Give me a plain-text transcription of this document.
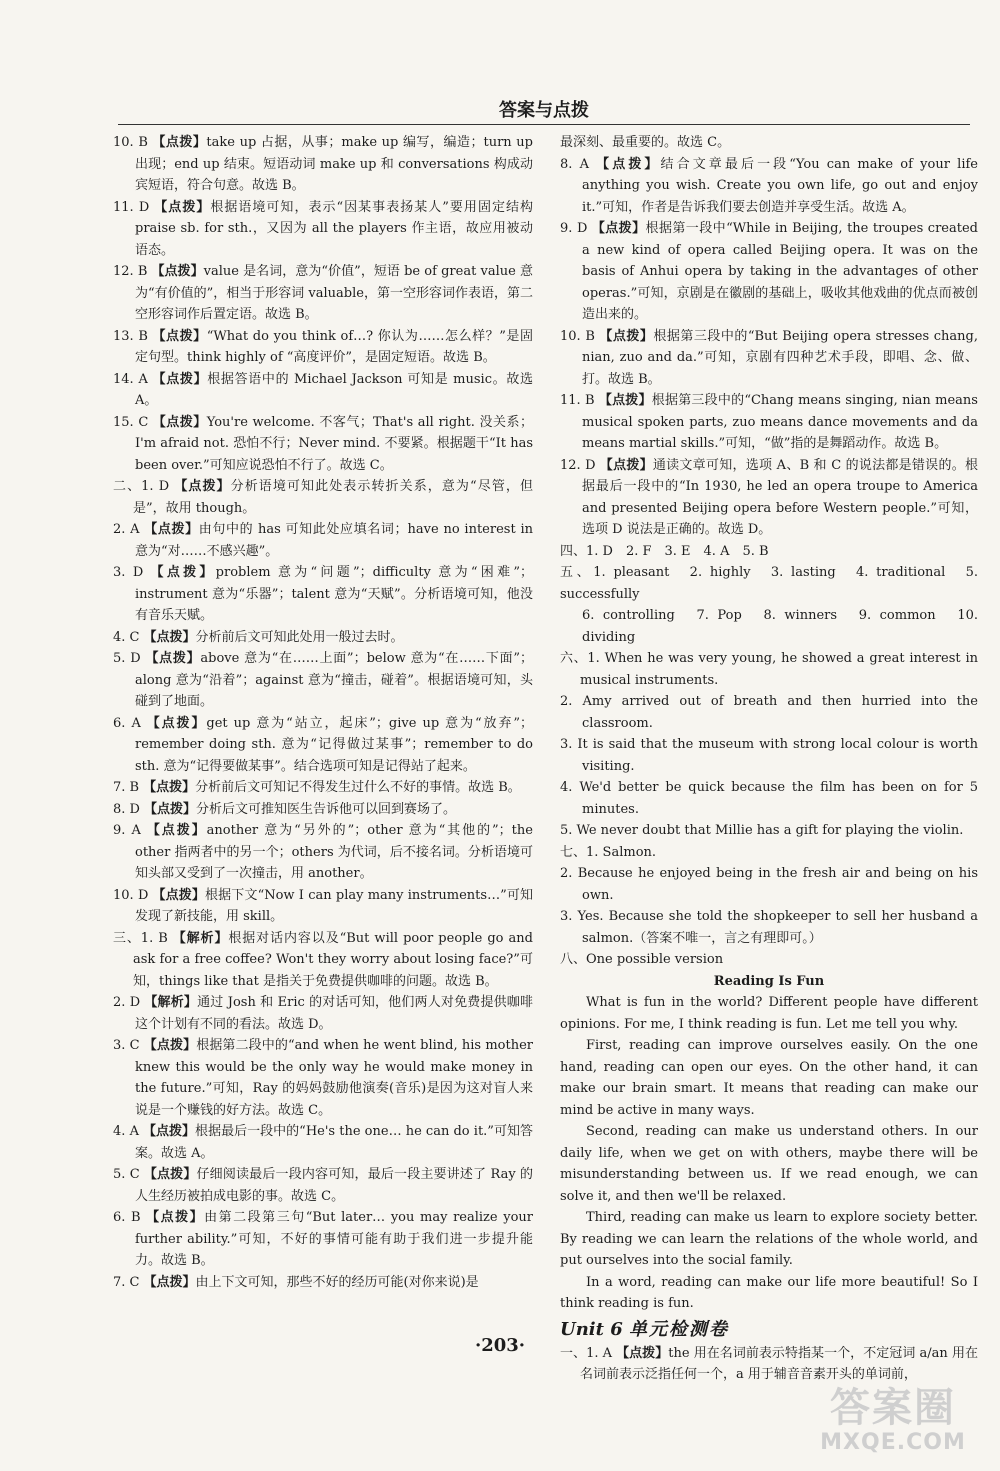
答案与点拨

10. B 【点拨】take up 占据，从事；make up 编写，编造；turn up 出现；end up 结束。短语动词 make up 和 conversations 构成动宾短语，符合句意。故选 B。

11. D 【点拨】根据语境可知，表示“因某事表扬某人”要用固定结构 praise sb. for sth.，又因为 all the players 作主语，故应用被动语态。

12. B 【点拨】value 是名词，意为“价值”，短语 be of great value 意为“有价值的”，相当于形容词 valuable，第一空形容词作表语，第二空形容词作后置定语。故选 B。

13. B 【点拨】“What do you think of…? 你认为……怎么样？”是固定句型。think highly of “高度评价”，是固定短语。故选 B。

14. A 【点拨】根据答语中的 Michael Jackson 可知是 music。故选 A。

15. C 【点拨】You're welcome. 不客气；That's all right. 没关系；I'm afraid not. 恐怕不行；Never mind. 不要紧。根据题干“It has been over.”可知应说恐怕不行了。故选 C。

二、1. D 【点拨】分析语境可知此处表示转折关系，意为“尽管，但是”，故用 though。

2. A 【点拨】由句中的 has 可知此处应填名词；have no interest in 意为“对……不感兴趣”。

3. D 【点拨】problem 意为“问题”；difficulty 意为“困难”；instrument 意为“乐器”；talent 意为“天赋”。分析语境可知，他没有音乐天赋。

4. C 【点拨】分析前后文可知此处用一般过去时。

5. D 【点拨】above 意为“在……上面”；below 意为“在……下面”；along 意为“沿着”；against 意为“撞击，碰着”。根据语境可知，头碰到了地面。

6. A 【点拨】get up 意为“站立，起床”；give up 意为“放弃”；remember doing sth. 意为“记得做过某事”；remember to do sth. 意为“记得要做某事”。结合选项可知是记得站了起来。

7. B 【点拨】分析前后文可知记不得发生过什么不好的事情。故选 B。

8. D 【点拨】分析后文可推知医生告诉他可以回到赛场了。

9. A 【点拨】another 意为“另外的”；other 意为“其他的”；the other 指两者中的另一个；others 为代词，后不接名词。分析语境可知头部又受到了一次撞击，用 another。

10. D 【点拨】根据下文“Now I can play many instruments…”可知发现了新技能，用 skill。

三、1. B 【解析】根据对话内容以及“But will poor people go and ask for a free coffee? Won't they worry about losing face?”可知，things like that 是指关于免费提供咖啡的问题。故选 B。

2. D 【解析】通过 Josh 和 Eric 的对话可知，他们两人对免费提供咖啡这个计划有不同的看法。故选 D。

3. C 【点拨】根据第二段中的“and when he went blind, his mother knew this would be the only way he would make money in the future.”可知，Ray 的妈妈鼓励他演奏(音乐)是因为这对盲人来说是一个赚钱的好方法。故选 C。

4. A 【点拨】根据最后一段中的“He's the one… he can do it.”可知答案。故选 A。

5. C 【点拨】仔细阅读最后一段内容可知，最后一段主要讲述了 Ray 的人生经历被拍成电影的事。故选 C。

6. B 【点拨】由第二段第三句“But later… you may realize your further ability.”可知，不好的事情可能有助于我们进一步提升能力。故选 B。

7. C 【点拨】由上下文可知，那些不好的经历可能(对你来说)是

最深刻、最重要的。故选 C。

8. A 【点拨】结合文章最后一段“You can make of your life anything you wish. Create you own life, go out and enjoy it.”可知，作者是告诉我们要去创造并享受生活。故选 A。

9. D 【点拨】根据第一段中“While in Beijing, the troupes created a new kind of opera called Beijing opera. It was on the basis of Anhui opera by taking in the advantages of other operas.”可知，京剧是在徽剧的基础上，吸收其他戏曲的优点而被创造出来的。

10. B 【点拨】根据第三段中的“But Beijing opera stresses chang, nian, zuo and da.”可知，京剧有四种艺术手段，即唱、念、做、打。故选 B。

11. B 【点拨】根据第三段中的“Chang means singing, nian means musical spoken parts, zuo means dance movements and da means martial skills.”可知，“做”指的是舞蹈动作。故选 B。

12. D 【点拨】通读文章可知，选项 A、B 和 C 的说法都是错误的。根据最后一段中的“In 1930, he led an opera troupe to America and presented Beijing opera before Western people.”可知，选项 D 说法是正确的。故选 D。

四、1. D　2. F　3. E　4. A　5. B

五、1. pleasant　2. highly　3. lasting　4. traditional　5. successfully

6. controlling　7. Pop　8. winners　9. common　10. dividing

六、1. When he was very young, he showed a great interest in musical instruments.

2. Amy arrived out of breath and then hurried into the classroom.

3. It is said that the museum with strong local colour is worth visiting.

4. We'd better be quick because the film has been on for 5 minutes.

5. We never doubt that Millie has a gift for playing the violin.

七、1. Salmon.

2. Because he enjoyed being in the fresh air and being on his own.

3. Yes. Because she told the shopkeeper to sell her husband a salmon.（答案不唯一，言之有理即可。）

八、One possible version

Reading Is Fun

What is fun in the world? Different people have different opinions. For me, I think reading is fun. Let me tell you why.

First, reading can improve ourselves easily. On the one hand, reading can open our eyes. On the other hand, it can make our brain smart. It means that reading can make our mind be active in many ways.

Second, reading can make us understand others. In our daily life, when we get on with others, maybe there will be misunderstanding between us. If we read enough, we can solve it, and then we'll be relaxed.

Third, reading can make us learn to explore society better. By reading we can learn the relations of the whole world, and put ourselves into the social family.

In a word, reading can make our life more beautiful! So I think reading is fun.

Unit 6 单元检测卷

一、1. A 【点拨】the 用在名词前表示特指某一个，不定冠词 a/an 用在名词前表示泛指任何一个，a 用于辅音音素开头的单词前，

·203·
答案圈
MXQE.COM
